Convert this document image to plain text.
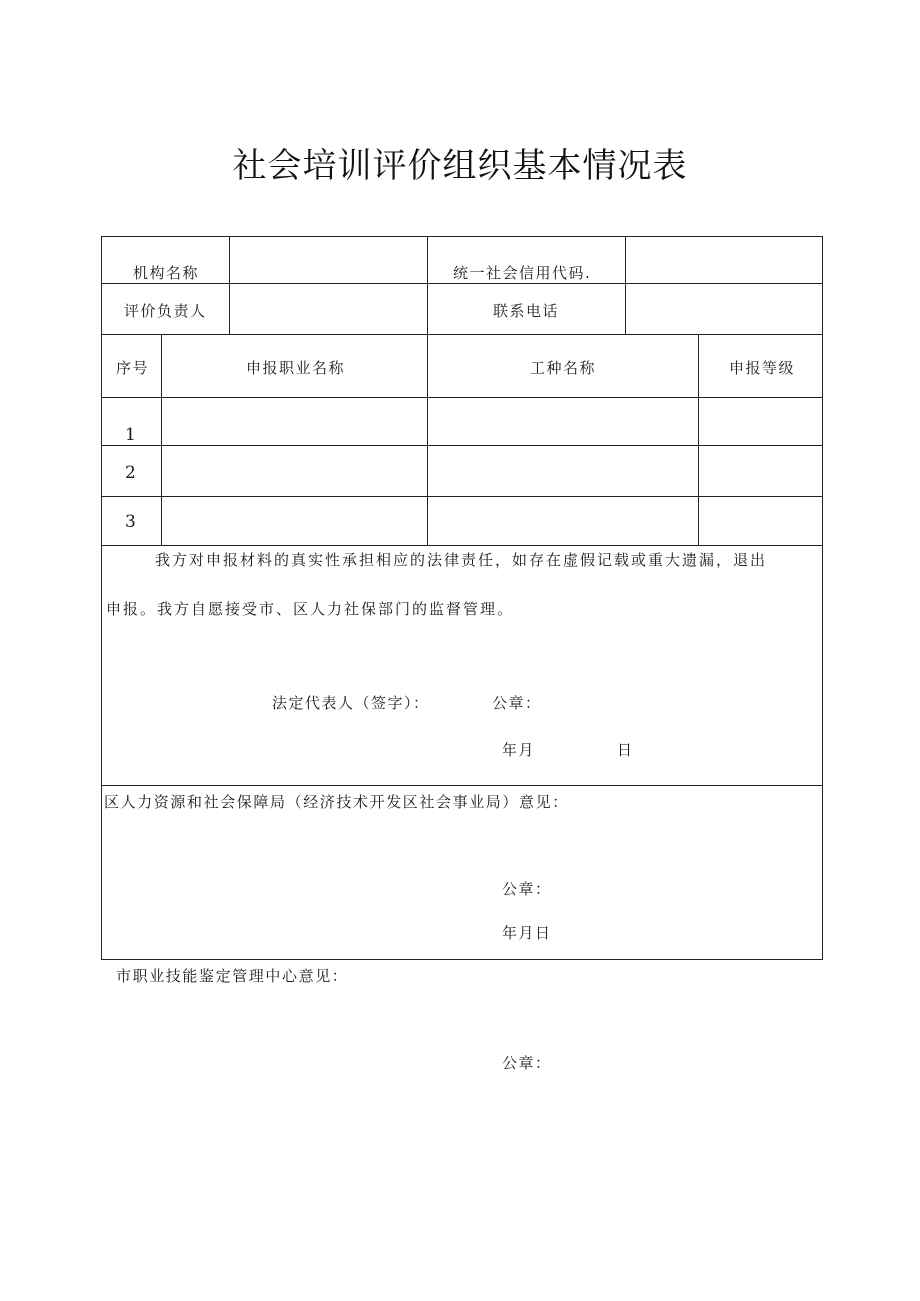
社会培训评价组织基本情况表
机构名称	统一社会信用代码.
评价负责人	联系电话
序号	申报职业名称	工种名称	申报等级
1
2
3
我方对申报材料的真实性承担相应的法律责任，如存在虚假记载或重大遗漏，退出
申报。我方自愿接受市、区人力社保部门的监督管理。
法定代表人（签字）：	公章：
年月	日
区人力资源和社会保障局（经济技术开发区社会事业局）意见：
公章：
年月日
市职业技能鉴定管理中心意见：
公章：
